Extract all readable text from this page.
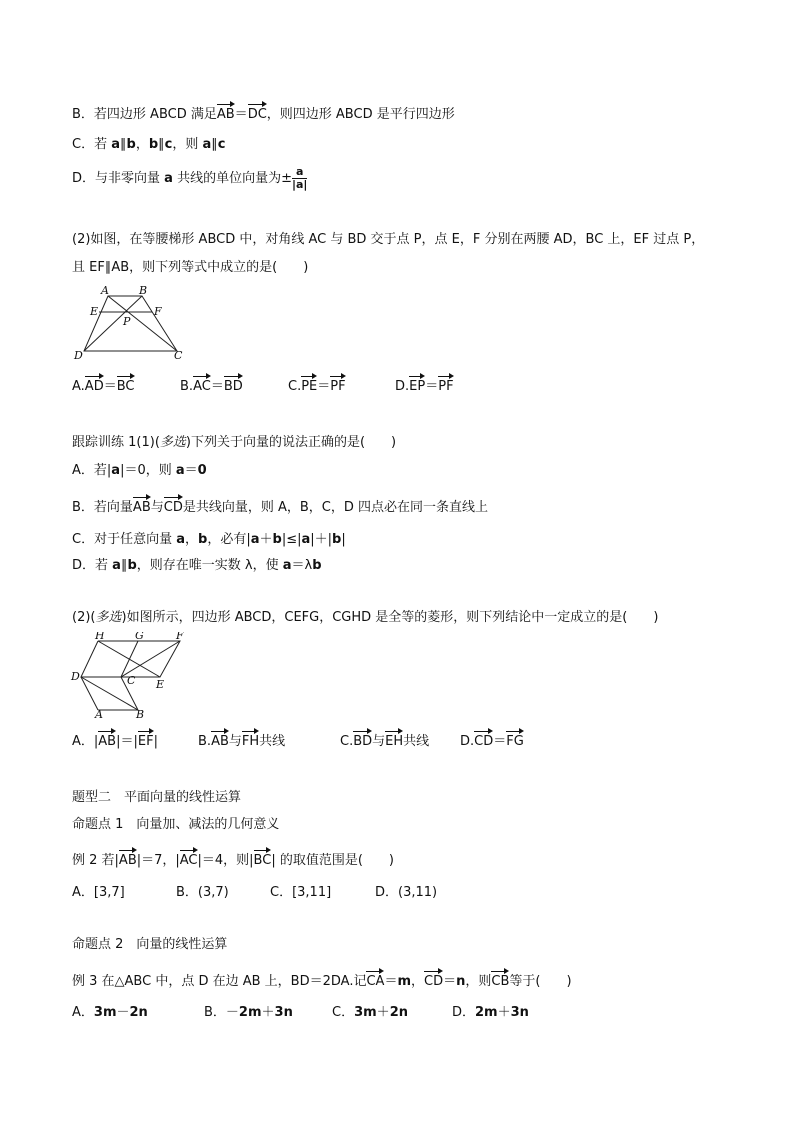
B．若四边形 ABCD 满足AB＝DC，则四边形 ABCD 是平行四边形
C．若 a∥b，b∥c，则 a∥c
D．与非零向量 a 共线的单位向量为± $\frac{a}{|a|}$
(2)如图，在等腰梯形 ABCD 中，对角线 AC 与 BD 交于点 P，点 E，F 分别在两腰 AD，BC 上，EF 过点 P，
且 EF∥AB，则下列等式中成立的是(　　)
A	B
E
P
F
D	C
A.AD＝BC	B.AC＝BD	C.PE＝PF	D.EP＝PF
跟踪训练 1(1)(多选)下列关于向量的说法正确的是(　　)
A．若|a|＝0，则 a＝0
B．若向量AB与CD是共线向量，则 A，B，C，D 四点必在同一条直线上
C．对于任意向量 a，b，必有|a＋b|≤|a|＋|b|
D．若 a∥b，则存在唯一实数 λ，使 a＝λb
(2)(多选)如图所示，四边形 ABCD，CEFG，CGHD 是全等的菱形，则下列结论中一定成立的是(　　)
H	G	F
D	C E
A	B
A．|AB|＝|EF|	B.AB与FH共线	C.BD与EH共线 D.CD＝FG
题型二　平面向量的线性运算
命题点 1　向量加、减法的几何意义
例 2 若|AB|＝7，|AC|＝4，则|BC| 的取值范围是(　　)
A．[3,7]	B．(3,7)	C．[3,11]	D．(3,11)
命题点 2　向量的线性运算
例 3 在△ABC 中，点 D 在边 AB 上，BD＝2DA.记CA＝m，CD＝n，则CB等于(　　)
A．3m－2n	B．－2m＋3n	C．3m＋2n	D．2m＋3n
